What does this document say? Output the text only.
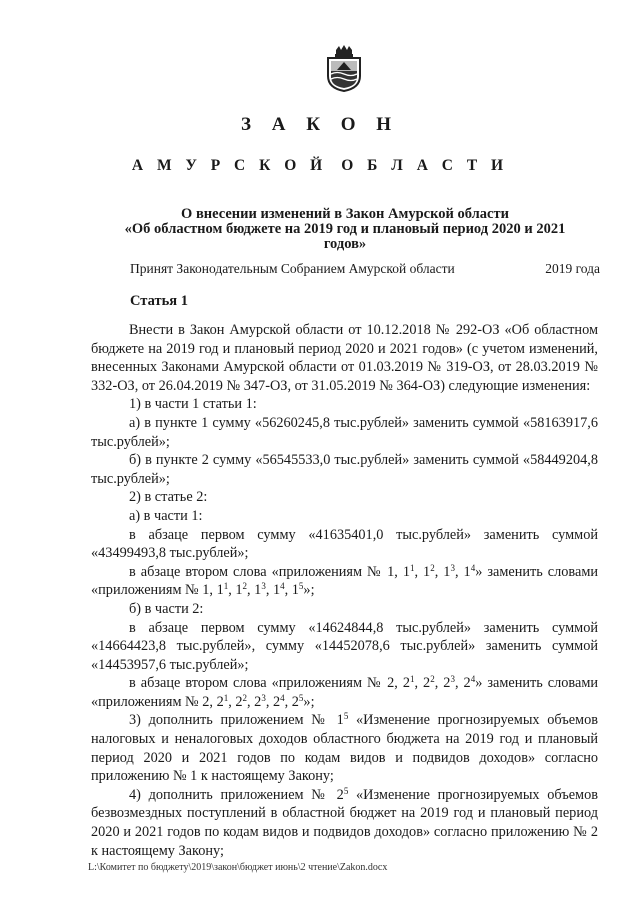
З А К О Н
А М У Р С К О Й О Б Л А С Т И
О внесении изменений в Закон Амурской области
«Об областном бюджете на 2019 год и плановый период 2020 и 2021
годов»
Принят Законодательным Собранием Амурской области	2019 года
Статья 1

Внести в Закон Амурской области от 10.12.2018 № 292-ОЗ «Об областном бюджете на 2019 год и плановый период 2020 и 2021 годов» (с учетом изменений, внесенных Законами Амурской области от 01.03.2019 № 319-ОЗ, от 28.03.2019 № 332-ОЗ, от 26.04.2019 № 347-ОЗ, от 31.05.2019 № 364-ОЗ) следующие изменения:

1) в части 1 статьи 1:

а) в пункте 1 сумму «56260245,8 тыс.рублей» заменить суммой «58163917,6 тыс.рублей»;

б) в пункте 2 сумму «56545533,0 тыс.рублей» заменить суммой «58449204,8 тыс.рублей»;

2) в статье 2:

а) в части 1:

в абзаце первом сумму «41635401,0 тыс.рублей» заменить суммой «43499493,8 тыс.рублей»;

в абзаце втором слова «приложениям № 1, $1^1$, $1^2$, $1^3$, $1^4$» заменить словами «приложениям № 1, $1^1$, $1^2$, $1^3$, $1^4$, $1^5$»;

б) в части 2:

в абзаце первом сумму «14624844,8 тыс.рублей» заменить суммой «14664423,8 тыс.рублей», сумму «14452078,6 тыс.рублей» заменить суммой «14453957,6 тыс.рублей»;

в абзаце втором слова «приложениям № 2, $2^1$, $2^2$, $2^3$, $2^4$» заменить словами «приложениям № 2, $2^1$, $2^2$, $2^3$, $2^4$, $2^5$»;

3) дополнить приложением № $1^5$ «Изменение прогнозируемых объемов налоговых и неналоговых доходов областного бюджета на 2019 год и плановый период 2020 и 2021 годов по кодам видов и подвидов доходов» согласно приложению № 1 к настоящему Закону;

4) дополнить приложением № $2^5$ «Изменение прогнозируемых объемов безвозмездных поступлений в областной бюджет на 2019 год и плановый период 2020 и 2021 годов по кодам видов и подвидов доходов» согласно приложению № 2 к настоящему Закону;

L:\Комитет по бюджету\2019\закон\бюджет июнь\2 чтение\Zakon.docx
